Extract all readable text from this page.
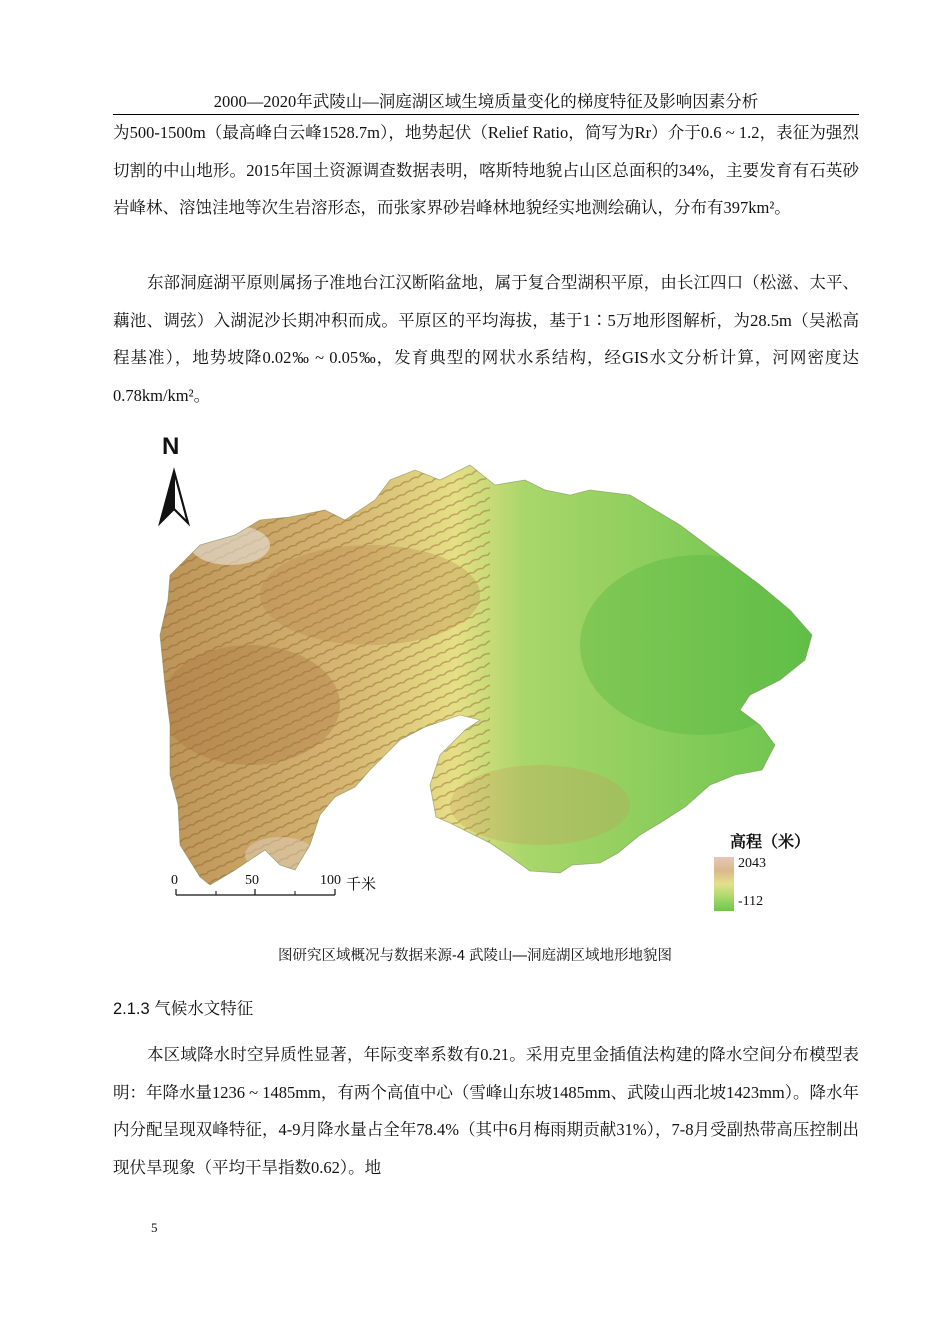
2000—2020年武陵山—洞庭湖区域生境质量变化的梯度特征及影响因素分析

为500-1500m（最高峰白云峰1528.7m），地势起伏（Relief Ratio，简写为Rr）介于0.6 ~ 1.2，表征为强烈切割的中山地形。2015年国土资源调查数据表明，喀斯特地貌占山区总面积的34%，主要发育有石英砂岩峰林、溶蚀洼地等次生岩溶形态，而张家界砂岩峰林地貌经实地测绘确认，分布有397km²。

东部洞庭湖平原则属扬子准地台江汉断陷盆地，属于复合型湖积平原，由长江四口（松滋、太平、藕池、调弦）入湖泥沙长期冲积而成。平原区的平均海拔，基于1∶5万地形图解析，为28.5m（吴淞高程基准），地势坡降0.02‰ ~ 0.05‰，发育典型的网状水系结构，经GIS水文分析计算，河网密度达0.78km/km²。

N
0	50	100 千米
高程（米）
2043
-112
图研究区域概况与数据来源-4 武陵山—洞庭湖区域地形地貌图
2.1.3 气候水文特征

本区域降水时空异质性显著，年际变率系数有0.21。采用克里金插值法构建的降水空间分布模型表明：年降水量1236 ~ 1485mm，有两个高值中心（雪峰山东坡1485mm、武陵山西北坡1423mm）。降水年内分配呈现双峰特征，4-9月降水量占全年78.4%（其中6月梅雨期贡献31%），7-8月受副热带高压控制出现伏旱现象（平均干旱指数0.62）。地

5
